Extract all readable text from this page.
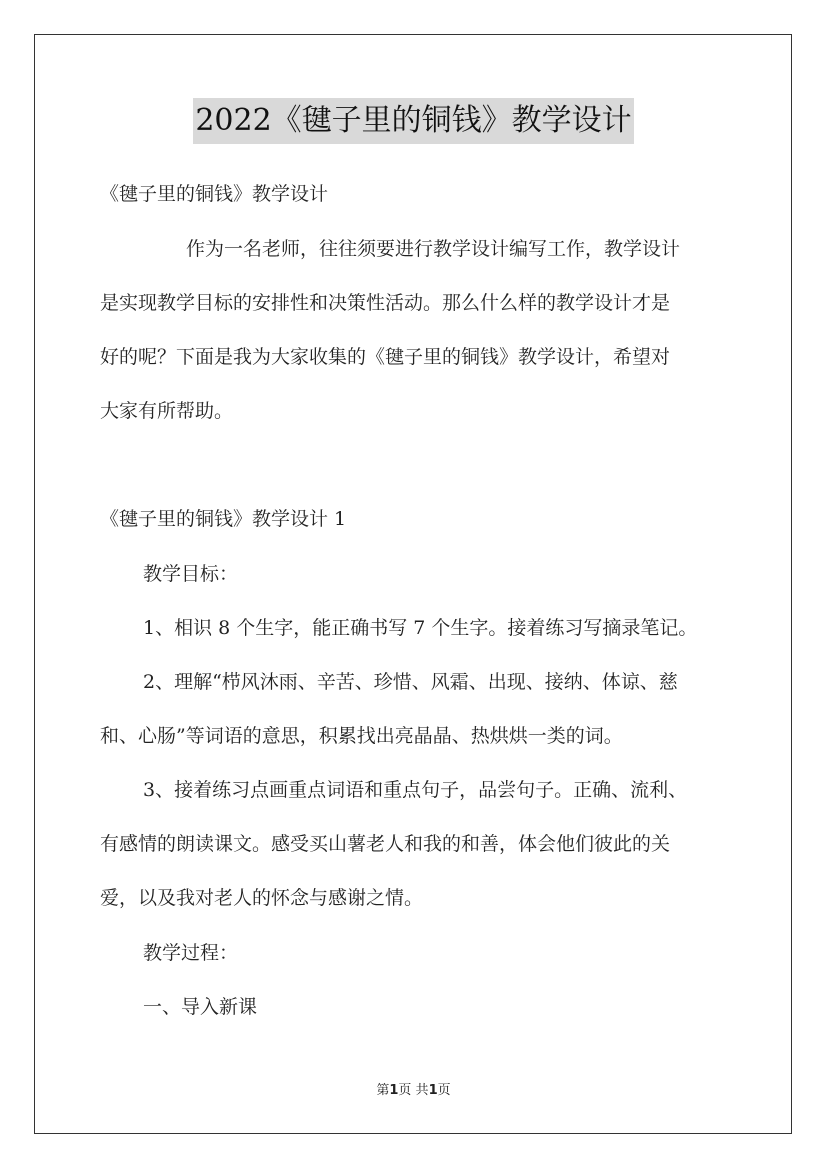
2022《毽子里的铜钱》教学设计
《毽子里的铜钱》教学设计
作为一名老师，往往须要进行教学设计编写工作，教学设计
是实现教学目标的安排性和决策性活动。那么什么样的教学设计才是
好的呢？下面是我为大家收集的《毽子里的铜钱》教学设计，希望对
大家有所帮助。
《毽子里的铜钱》教学设计 1
教学目标：
1、相识 8 个生字，能正确书写 7 个生字。接着练习写摘录笔记。
2、理解“栉风沐雨、辛苦、珍惜、风霜、出现、接纳、体谅、慈
和、心肠”等词语的意思，积累找出亮晶晶、热烘烘一类的词。
3、接着练习点画重点词语和重点句子，品尝句子。正确、流利、
有感情的朗读课文。感受买山薯老人和我的和善，体会他们彼此的关
爱，以及我对老人的怀念与感谢之情。
教学过程：
一、导入新课
第1页 共1页
